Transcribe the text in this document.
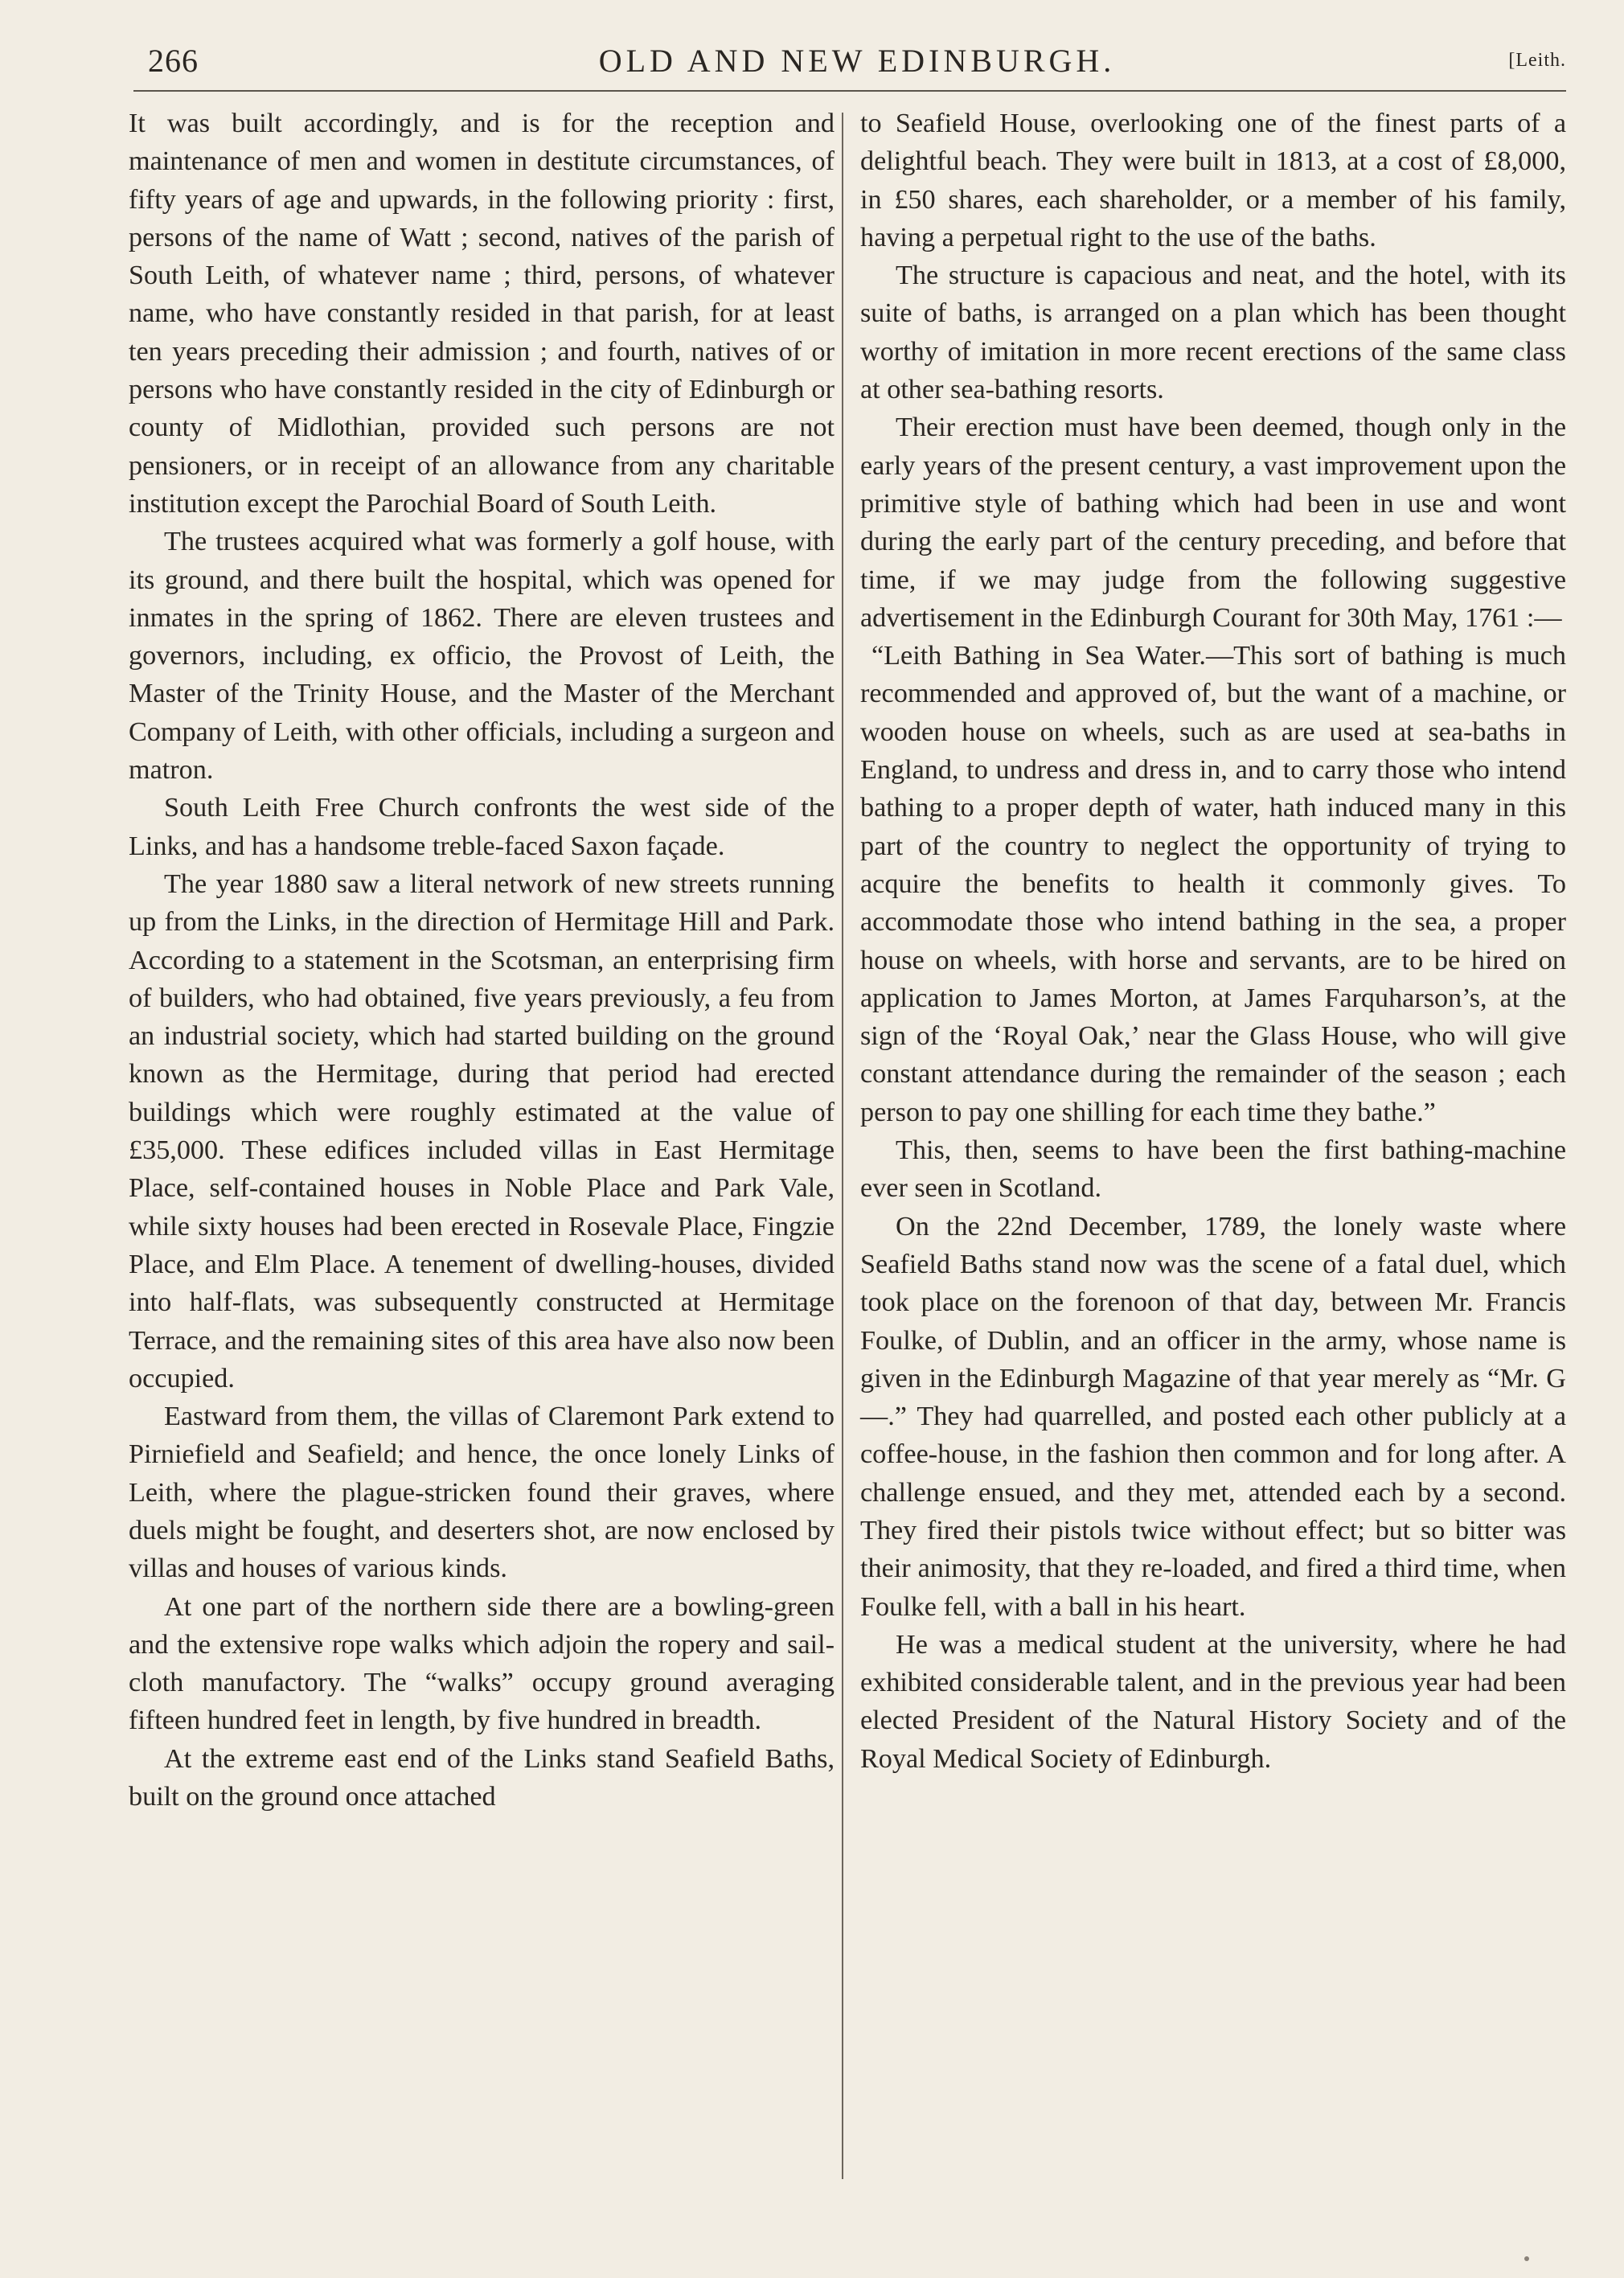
266	OLD AND NEW EDINBURGH.	[Leith.

It was built accordingly, and is for the reception and maintenance of men and women in destitute circumstances, of fifty years of age and upwards, in the following priority : first, persons of the name of Watt ; second, natives of the parish of South Leith, of whatever name ; third, persons, of whatever name, who have constantly resided in that parish, for at least ten years preceding their admission ; and fourth, natives of or persons who have constantly resided in the city of Edinburgh or county of Midlothian, provided such persons are not pensioners, or in receipt of an allowance from any charitable institution except the Parochial Board of South Leith.

The trustees acquired what was formerly a golf house, with its ground, and there built the hospital, which was opened for inmates in the spring of 1862. There are eleven trustees and governors, including, ex officio, the Provost of Leith, the Master of the Trinity House, and the Master of the Merchant Company of Leith, with other officials, including a surgeon and matron.

South Leith Free Church confronts the west side of the Links, and has a handsome treble-faced Saxon façade.

The year 1880 saw a literal network of new streets running up from the Links, in the direction of Hermitage Hill and Park. According to a statement in the Scotsman, an enterprising firm of builders, who had obtained, five years previously, a feu from an industrial society, which had started building on the ground known as the Hermitage, during that period had erected buildings which were roughly estimated at the value of £35,000. These edifices included villas in East Hermitage Place, self-contained houses in Noble Place and Park Vale, while sixty houses had been erected in Rosevale Place, Fingzie Place, and Elm Place. A tenement of dwelling-houses, divided into half-flats, was subsequently constructed at Hermitage Terrace, and the remaining sites of this area have also now been occupied.

Eastward from them, the villas of Claremont Park extend to Pirniefield and Seafield; and hence, the once lonely Links of Leith, where the plague-stricken found their graves, where duels might be fought, and deserters shot, are now enclosed by villas and houses of various kinds.

At one part of the northern side there are a bowling-green and the extensive rope walks which adjoin the ropery and sail-cloth manufactory. The “walks” occupy ground averaging fifteen hundred feet in length, by five hundred in breadth.

At the extreme east end of the Links stand Seafield Baths, built on the ground once attached

to Seafield House, overlooking one of the finest parts of a delightful beach. They were built in 1813, at a cost of £8,000, in £50 shares, each shareholder, or a member of his family, having a perpetual right to the use of the baths.

The structure is capacious and neat, and the hotel, with its suite of baths, is arranged on a plan which has been thought worthy of imitation in more recent erections of the same class at other sea-bathing resorts.

Their erection must have been deemed, though only in the early years of the present century, a vast improvement upon the primitive style of bathing which had been in use and wont during the early part of the century preceding, and before that time, if we may judge from the following suggestive advertisement in the Edinburgh Courant for 30th May, 1761 :—

“Leith Bathing in Sea Water.—This sort of bathing is much recommended and approved of, but the want of a machine, or wooden house on wheels, such as are used at sea-baths in England, to undress and dress in, and to carry those who intend bathing to a proper depth of water, hath induced many in this part of the country to neglect the opportunity of trying to acquire the benefits to health it commonly gives. To accommodate those who intend bathing in the sea, a proper house on wheels, with horse and servants, are to be hired on application to James Morton, at James Farquharson’s, at the sign of the ‘Royal Oak,’ near the Glass House, who will give constant attendance during the remainder of the season ; each person to pay one shilling for each time they bathe.”

This, then, seems to have been the first bathing-machine ever seen in Scotland.

On the 22nd December, 1789, the lonely waste where Seafield Baths stand now was the scene of a fatal duel, which took place on the forenoon of that day, between Mr. Francis Foulke, of Dublin, and an officer in the army, whose name is given in the Edinburgh Magazine of that year merely as “Mr. G—.” They had quarrelled, and posted each other publicly at a coffee-house, in the fashion then common and for long after. A challenge ensued, and they met, attended each by a second. They fired their pistols twice without effect; but so bitter was their animosity, that they re-loaded, and fired a third time, when Foulke fell, with a ball in his heart.

He was a medical student at the university, where he had exhibited considerable talent, and in the previous year had been elected President of the Natural History Society and of the Royal Medical Society of Edinburgh.
